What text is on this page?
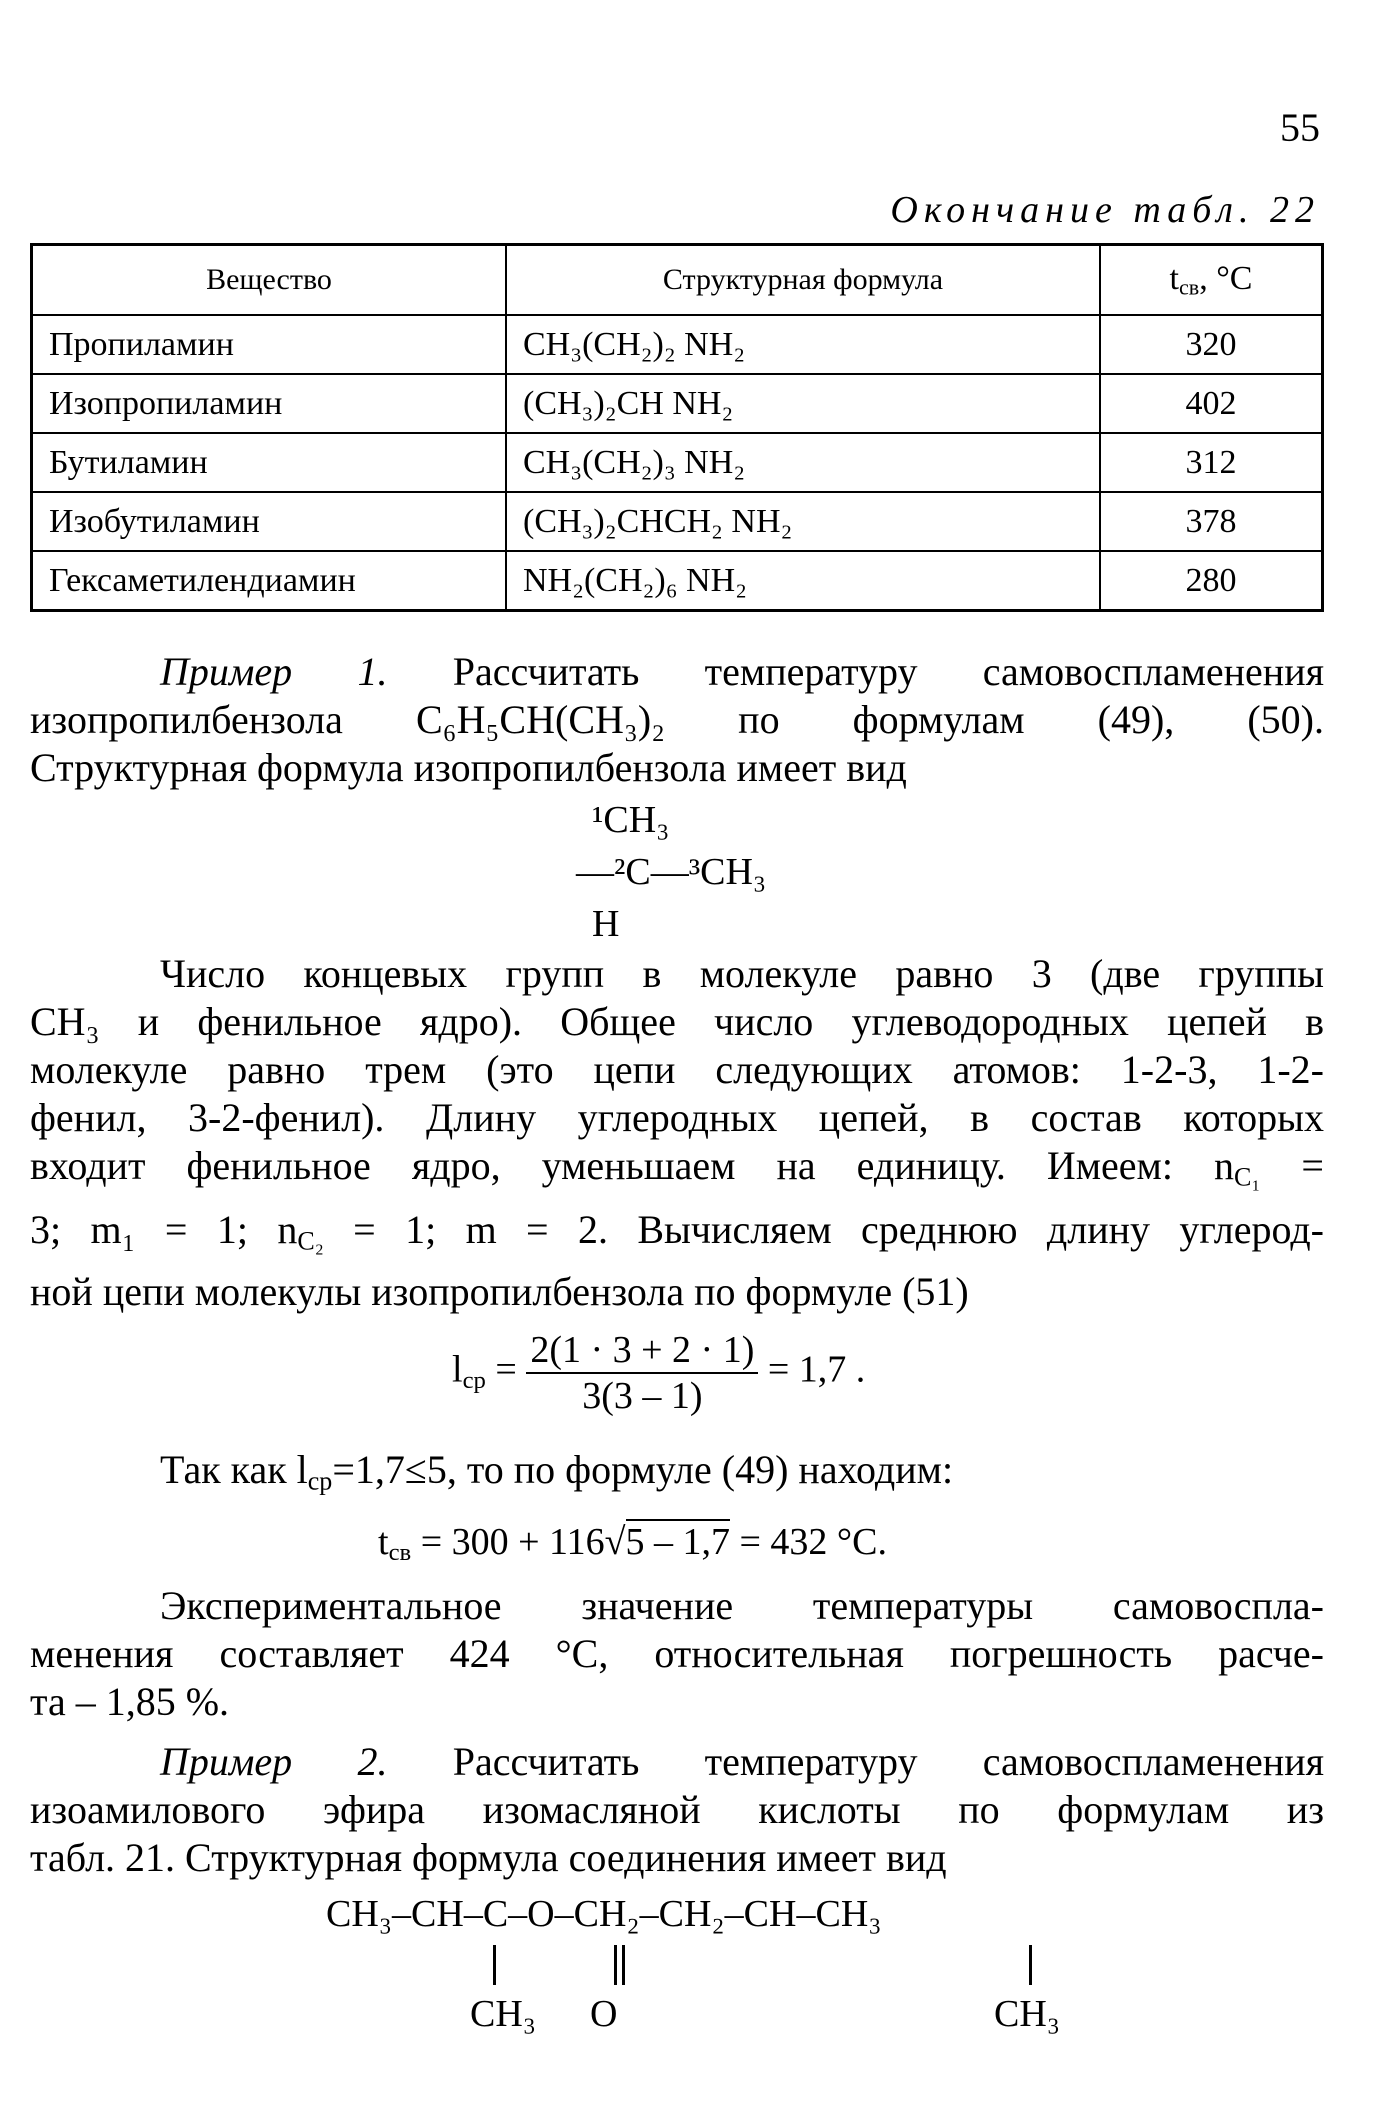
55
Окончание табл. 22
Вещество	Структурная формула	$t_{св}$, °C
Пропиламин	CH₃(CH₂)₂ NH₂	320
Изопропиламин	(CH₃)₂CH NH₂	402
Бутиламин	CH₃(CH₂)₃ NH₂	312
Изобутиламин	(CH₃)₂CHCH₂ NH₂	378
Гексаметилендиамин	NH₂(CH₂)₆ NH₂	280
Пример 1. Рассчитать температуру самовоспламенения
изопропилбензола C₆H₅CH(CH₃)₂ по формулам (49), (50).
Структурная формула изопропилбензола имеет вид
¹CH₃
—²C—³CH₃
H
Число концевых групп в молекуле равно 3 (две группы
CH₃ и фенильное ядро). Общее число углеводородных цепей в
молекуле равно трем (это цепи следующих атомов: 1-2-3, 1-2-
фенил, 3-2-фенил). Длину углеродных цепей, в состав которых
входит фенильное ядро, уменьшаем на единицу. Имеем: $n_{C_1}$ =
3; m₁ = 1; $n_{C_2} = 1$; m = 2. Вычисляем среднюю длину углерод-
ной цепи молекулы изопропилбензола по формуле (51)
$l_{ср} = \frac{2(1 \cdot 3 + 2 \cdot 1)}{3(3 - 1)} = 1,7$ .
Так как $l_{ср}=1,7\le 5$, то по формуле (49) находим:
$t_{св} = 300 + 116√5 - 1,7 = 432$ °C.
Экспериментальное значение температуры самовоспла-
менения составляет 424 °C, относительная погрешность расче-
та – 1,85 %.
Пример 2. Рассчитать температуру самовоспламенения
изоамилового эфира изомасляной кислоты по формулам из
табл. 21. Структурная формула соединения имеет вид
CH₃–CH–C–O–CH₂–CH₂–CH–CH₃
CH₃ O	CH₃
